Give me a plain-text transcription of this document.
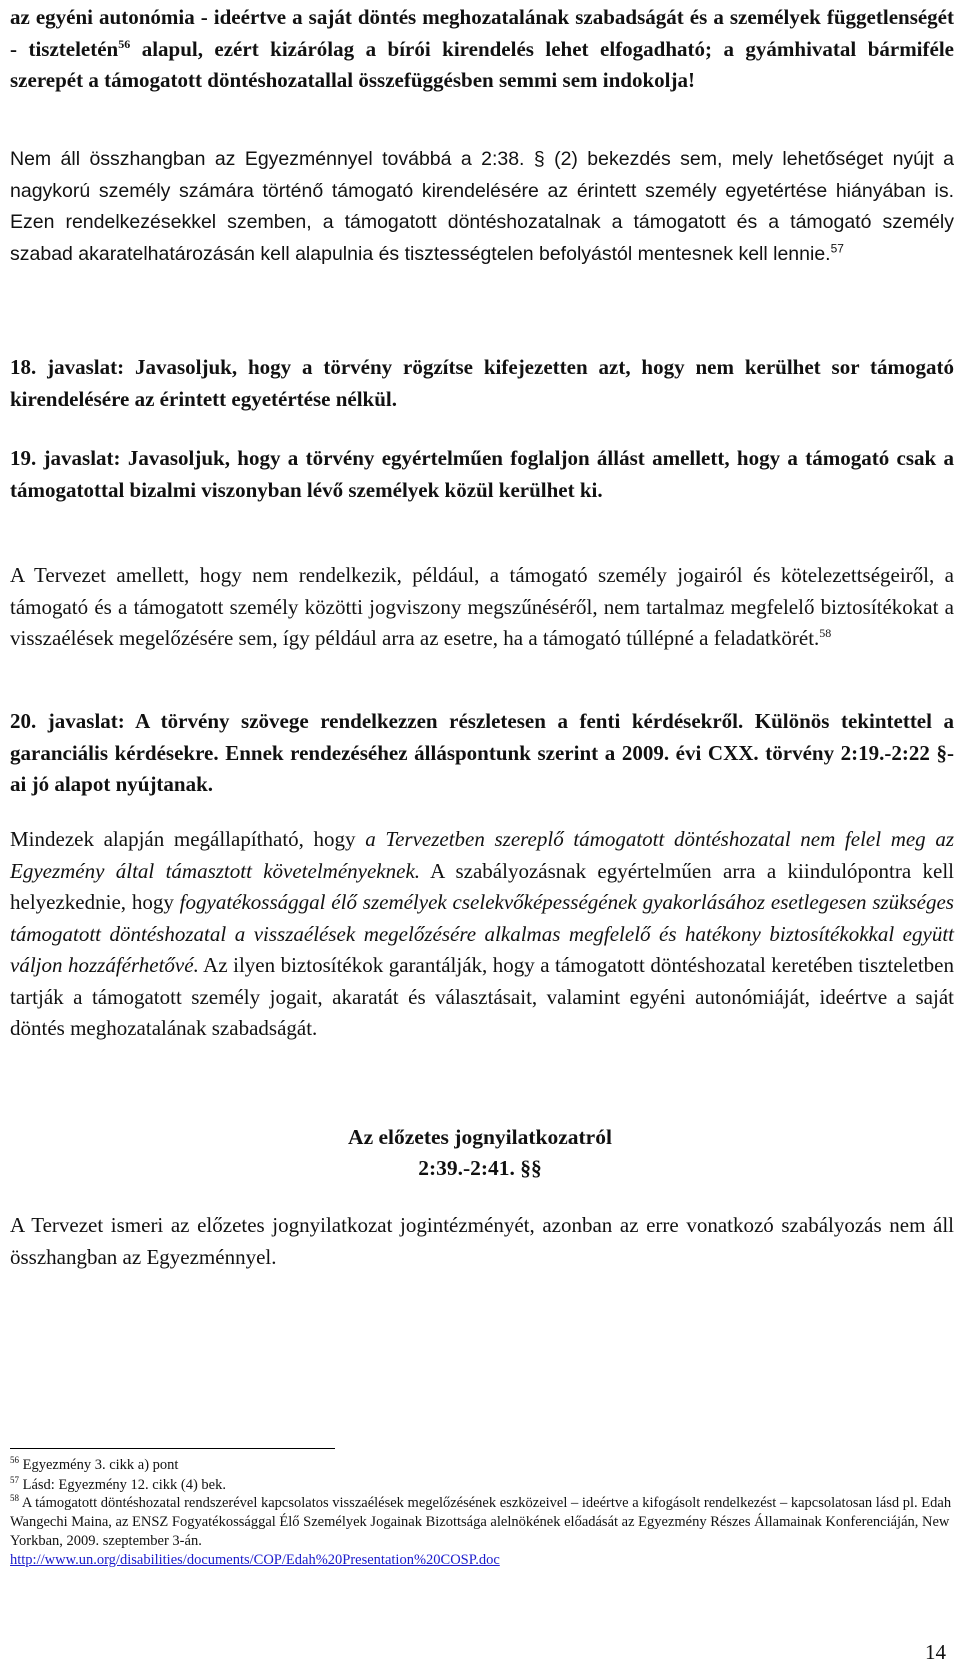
az egyéni autonómia - ideértve a saját döntés meghozatalának szabadságát és a személyek függetlenségét - tiszteletén$^{56}$ alapul, ezért kizárólag a bírói kirendelés lehet elfogadható; a gyámhivatal bármiféle szerepét a támogatott döntéshozatallal összefüggésben semmi sem indokolja!

Nem áll összhangban az Egyezménnyel továbbá a 2:38. § (2) bekezdés sem, mely lehetőséget nyújt a nagykorú személy számára történő támogató kirendelésére az érintett személy egyetértése hiányában is. Ezen rendelkezésekkel szemben, a támogatott döntéshozatalnak a támogatott és a támogató személy szabad akaratelhatározásán kell alapulnia és tisztességtelen befolyástól mentesnek kell lennie.$^{57}$

18. javaslat: Javasoljuk, hogy a törvény rögzítse kifejezetten azt, hogy nem kerülhet sor támogató kirendelésére az érintett egyetértése nélkül.

19. javaslat: Javasoljuk, hogy a törvény egyértelműen foglaljon állást amellett, hogy a támogató csak a támogatottal bizalmi viszonyban lévő személyek közül kerülhet ki.

A Tervezet amellett, hogy nem rendelkezik, például, a támogató személy jogairól és kötelezettségeiről, a támogató és a támogatott személy közötti jogviszony megszűnéséről, nem tartalmaz megfelelő biztosítékokat a visszaélések megelőzésére sem, így például arra az esetre, ha a támogató túllépné a feladatkörét.$^{58}$

20. javaslat: A törvény szövege rendelkezzen részletesen a fenti kérdésekről. Különös tekintettel a garanciális kérdésekre. Ennek rendezéséhez álláspontunk szerint a 2009. évi CXX. törvény 2:19.-2:22 §-ai jó alapot nyújtanak.

Mindezek alapján megállapítható, hogy a Tervezetben szereplő támogatott döntéshozatal nem felel meg az Egyezmény által támasztott követelményeknek. A szabályozásnak egyértelműen arra a kiindulópontra kell helyezkednie, hogy fogyatékossággal élő személyek cselekvőképességének gyakorlásához esetlegesen szükséges támogatott döntéshozatal a visszaélések megelőzésére alkalmas megfelelő és hatékony biztosítékokkal együtt váljon hozzáférhetővé. Az ilyen biztosítékok garantálják, hogy a támogatott döntéshozatal keretében tiszteletben tartják a támogatott személy jogait, akaratát és választásait, valamint egyéni autonómiáját, ideértve a saját döntés meghozatalának szabadságát.

Az előzetes jognyilatkozatról

2:39.-2:41. §§

A Tervezet ismeri az előzetes jognyilatkozat jogintézményét, azonban az erre vonatkozó szabályozás nem áll összhangban az Egyezménnyel.

$^{56}$ Egyezmény 3. cikk a) pont

$^{57}$ Lásd: Egyezmény 12. cikk (4) bek.

$^{58}$ A támogatott döntéshozatal rendszerével kapcsolatos visszaélések megelőzésének eszközeivel – ideértve a kifogásolt rendelkezést – kapcsolatosan lásd pl. Edah Wangechi Maina, az ENSZ Fogyatékossággal Élő Személyek Jogainak Bizottsága alelnökének előadását az Egyezmény Részes Államainak Konferenciáján, New Yorkban, 2009. szeptember 3-án.
http://www.un.org/disabilities/documents/COP/Edah%20Presentation%20COSP.doc

14
